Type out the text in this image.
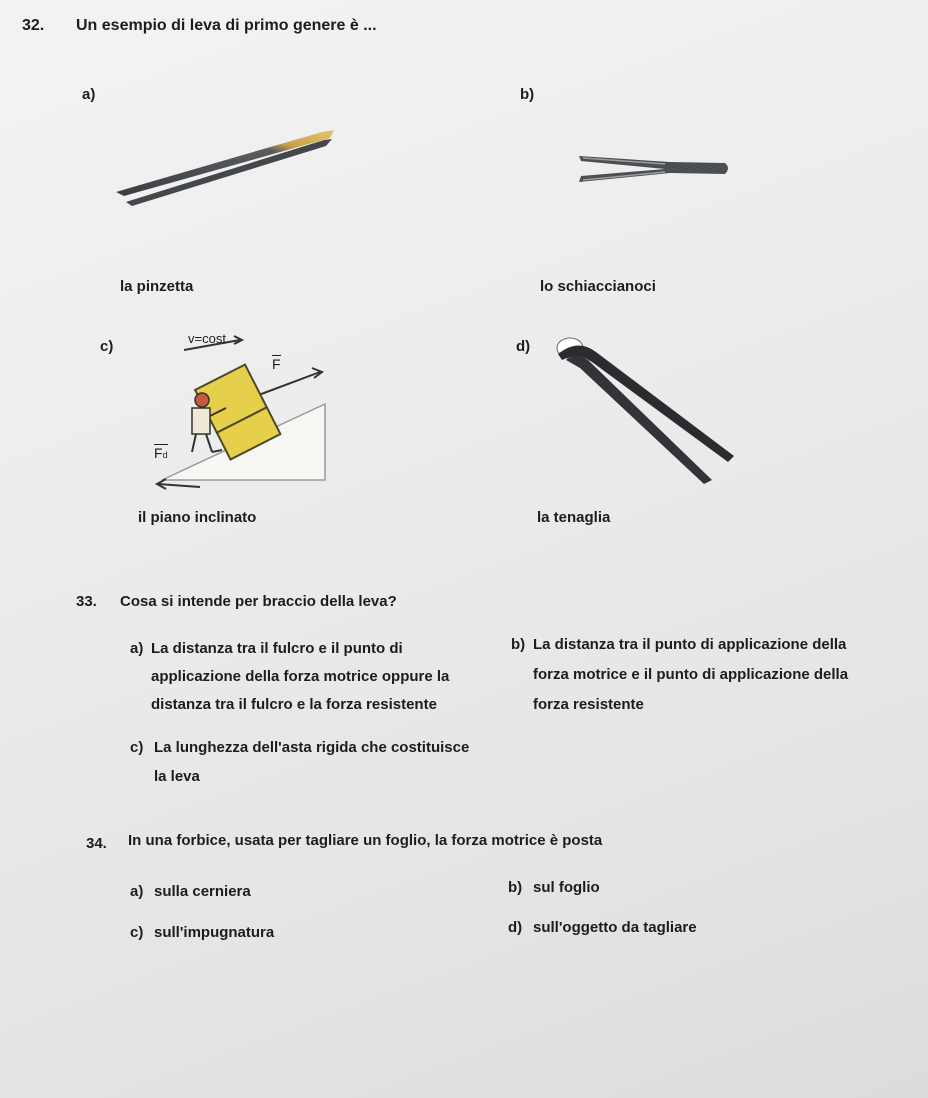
32. Un esempio di leva di primo genere è ...
a)	b)
la pinzetta	lo schiaccianoci
c)	d)
v=cost
F
Fd
il piano inclinato	la tenaglia
33. Cosa si intende per braccio della leva?
a) La distanza tra il fulcro e il punto di
applicazione della forza motrice oppure la
distanza tra il fulcro e la forza resistente
b) La distanza tra il punto di applicazione della
forza motrice e il punto di applicazione della
forza resistente
c) La lunghezza dell'asta rigida che costituisce
la leva
34. In una forbice, usata per tagliare un foglio, la forza motrice è posta
a) sulla cerniera	b) sul foglio
c) sull'impugnatura	d) sull'oggetto da tagliare
